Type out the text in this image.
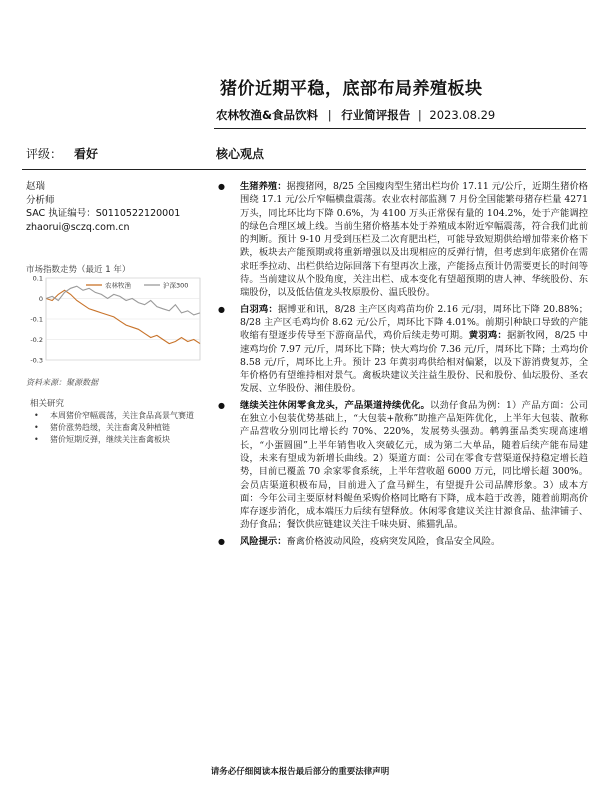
猪价近期平稳，底部布局养殖板块
农林牧渔&食品饮料 | 行业简评报告 | 2023.08.29
评级： 看好	核心观点
赵瑞
分析师
SAC 执证编号：S0110522120001
zhaorui@sczq.com.cn
市场指数走势（最近 1 年）
0.1
0
-0.1
-0.2
-0.3
农林牧渔	沪深300
资料来源：聚源数据
相关研究
• 本周猪价窄幅震荡，关注食品高景气赛道
• 猪价涨势趋缓，关注畜禽及种植链
• 猪价短期反弹，继续关注畜禽板块
● 生猪养殖：据搜猪网，8/25 全国瘦肉型生猪出栏均价 17.11 元/公斤，近期生猪价格围绕 17.1 元/公斤窄幅横盘震荡。农业农村部监测 7 月份全国能繁母猪存栏量 4271 万头，同比环比均下降 0.6%，为 4100 万头正常保有量的 104.2%，处于产能调控的绿色合理区域上线。当前生猪价格基本处于养殖成本附近窄幅震荡，符合我们此前的判断。预计 9-10 月受到压栏及二次育肥出栏，可能导致短期供给增加带来价格下跌，板块去产能预期或将重新增强以及出现相应的反弹行情，但考虑到年底猪价在需求旺季拉动、出栏供给边际回落下有望再次上涨，产能扬点预计仍需要更长的时间等待。当前建议从个股角度，关注出栏、成本变化有望超预期的唐人神、华统股份、东瑞股份，以及低估值龙头牧原股份、温氏股份。
● 白羽鸡：据博亚和讯，8/28 主产区肉鸡苗均价 2.16 元/羽，周环比下降 20.88%；8/28 主产区毛鸡均价 8.62 元/公斤，周环比下降 4.01%。前期引种缺口导致的产能收缩有望逐步传导至下游商品代，鸡价后续走势可期。黄羽鸡：据新牧网，8/25 中速鸡均价 7.97 元/斤，周环比下降；快大鸡均价 7.36 元/斤，周环比下降；土鸡均价 8.58 元/斤，周环比上升。预计 23 年黄羽鸡供给相对偏紧，以及下游消费复苏，全年价格仍有望维持相对景气。禽板块建议关注益生股份、民和股份、仙坛股份、圣农发展、立华股份、湘佳股份。
● 继续关注休闲零食龙头，产品渠道持续优化。以劲仔食品为例：1）产品方面：公司在独立小包装优势基础上，“大包装+散称”助推产品矩阵优化，上半年大包装、散称产品营收分别同比增长约 70%、220%，发展势头强劲。鹌鹑蛋品类实现高速增长，“小蛋圆圆”上半年销售收入突破亿元，成为第二大单品，随着后续产能布局建设，未来有望成为新增长曲线。2）渠道方面：公司在零食专营渠道保持稳定增长趋势，目前已覆盖 70 余家零食系统，上半年营收超 6000 万元，同比增长超 300%。会员店渠道积极布局，目前进入了盒马鲜生，有望提升公司品牌形象。3）成本方面：今年公司主要原材料鳀鱼采购价格同比略有下降，成本趋于改善，随着前期高价库存逐步消化，成本端压力后续有望释放。休闲零食建议关注甘源食品、盐津铺子、劲仔食品；餐饮供应链建议关注千味央厨、熊猫乳品。
● 风险提示：畜禽价格波动风险，疫病突发风险，食品安全风险。
请务必仔细阅读本报告最后部分的重要法律声明
